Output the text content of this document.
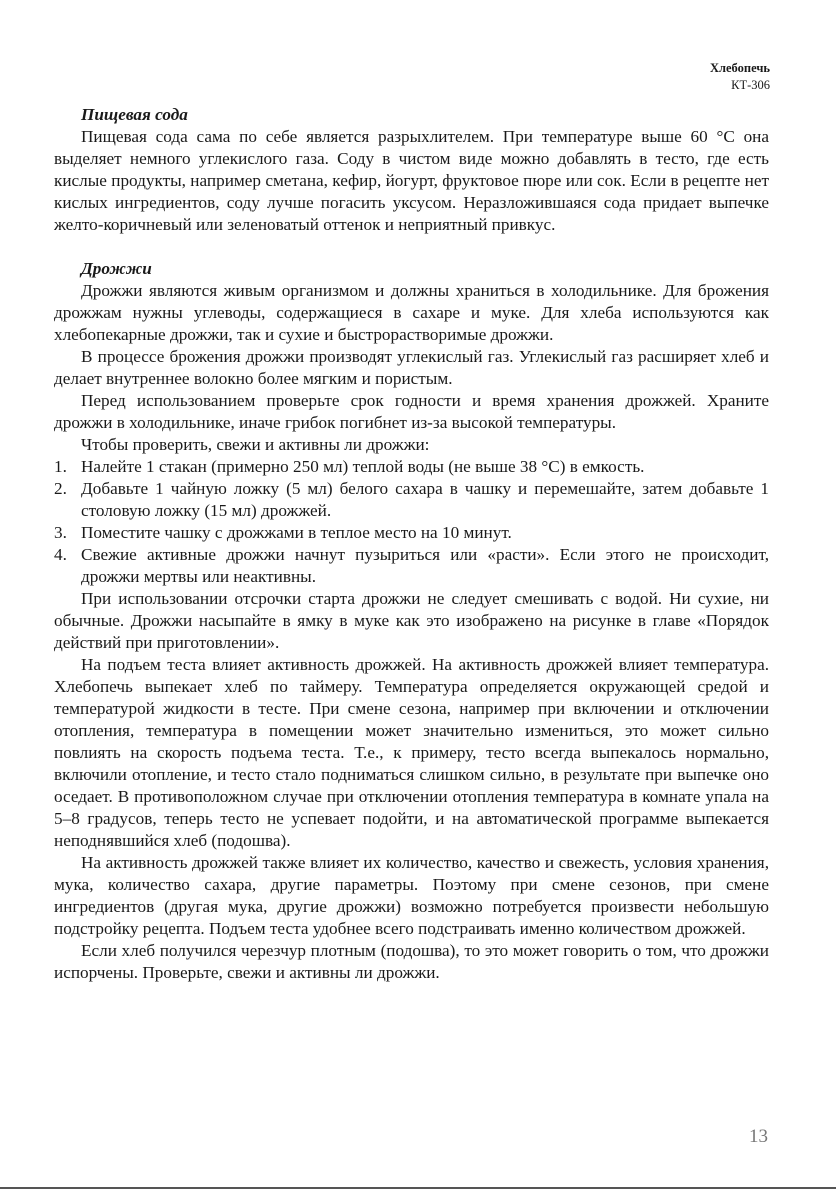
Хлебопечь
КТ-306
Пищевая сода

Пищевая сода сама по себе является разрыхлителем. При температуре выше 60 °С она выделяет немного углекислого газа. Соду в чистом виде можно добавлять в тесто, где есть кислые продукты, например сметана, кефир, йогурт, фруктовое пюре или сок. Если в рецепте нет кислых ингредиентов, соду лучше погасить уксусом. Неразложившаяся сода придает выпечке желто-коричневый или зеленоватый оттенок и неприятный привкус.

Дрожжи

Дрожжи являются живым организмом и должны храниться в холодильнике. Для брожения дрожжам нужны углеводы, содержащиеся в сахаре и муке. Для хлеба используются как хлебопекарные дрожжи, так и сухие и быстрорастворимые дрожжи.

В процессе брожения дрожжи производят углекислый газ. Углекислый газ расширяет хлеб и делает внутреннее волокно более мягким и пористым.

Перед использованием проверьте срок годности и время хранения дрожжей. Храните дрожжи в холодильнике, иначе грибок погибнет из-за высокой температуры.

Чтобы проверить, свежи и активны ли дрожжи:

1. Налейте 1 стакан (примерно 250 мл) теплой воды (не выше 38 °С) в емкость.
2. Добавьте 1 чайную ложку (5 мл) белого сахара в чашку и перемешайте, затем добавьте 1 столовую ложку (15 мл) дрожжей.
3. Поместите чашку с дрожжами в теплое место на 10 минут.
4. Свежие активные дрожжи начнут пузыриться или «расти». Если этого не происходит, дрожжи мертвы или неактивны.

При использовании отсрочки старта дрожжи не следует смешивать с водой. Ни сухие, ни обычные. Дрожжи насыпайте в ямку в муке как это изображено на рисунке в главе «Порядок действий при приготовлении».

На подъем теста влияет активность дрожжей. На активность дрожжей влияет температура. Хлебопечь выпекает хлеб по таймеру. Температура определяется окружающей средой и температурой жидкости в тесте. При смене сезона, например при включении и отключении отопления, температура в помещении может значительно измениться, это может сильно повлиять на скорость подъема теста. Т.е., к примеру, тесто всегда выпекалось нормально, включили отопление, и тесто стало подниматься слишком сильно, в результате при выпечке оно оседает. В противоположном случае при отключении отопления температура в комнате упала на 5–8 градусов, теперь тесто не успевает подойти, и на автоматической программе выпекается неподнявшийся хлеб (подошва).

На активность дрожжей также влияет их количество, качество и свежесть, условия хранения, мука, количество сахара, другие параметры. Поэтому при смене сезонов, при смене ингредиентов (другая мука, другие дрожжи) возможно потребуется произвести небольшую подстройку рецепта. Подъем теста удобнее всего подстраивать именно количеством дрожжей.

Если хлеб получился черезчур плотным (подошва), то это может говорить о том, что дрожжи испорчены. Проверьте, свежи и активны ли дрожжи.

13
